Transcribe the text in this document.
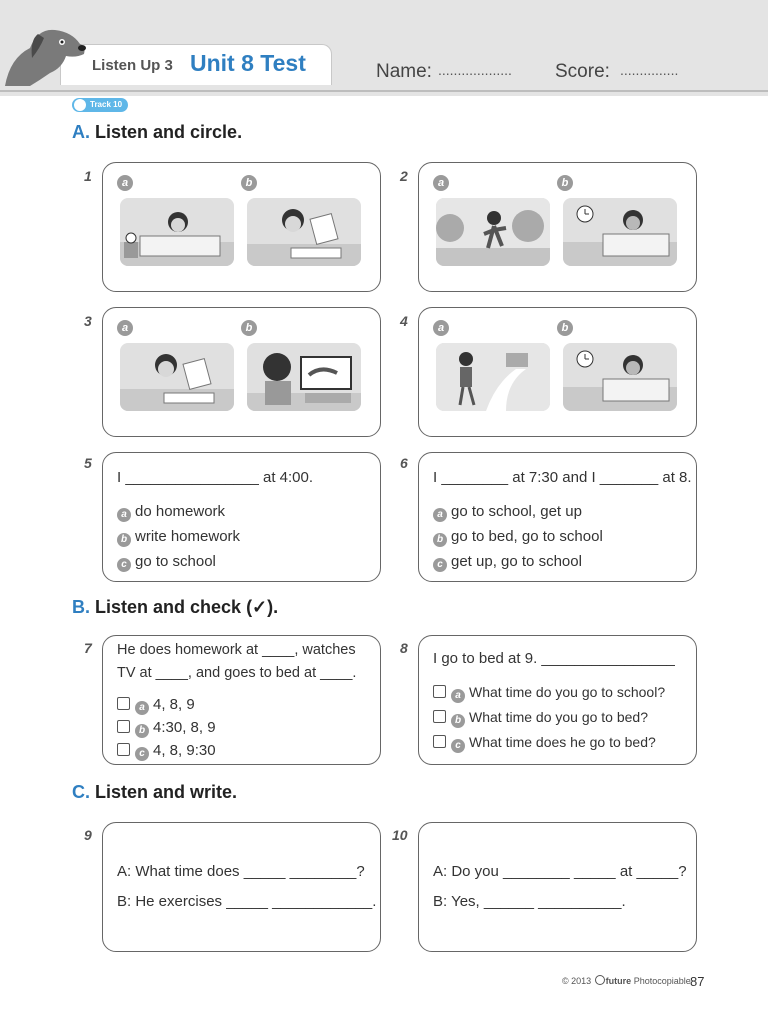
Listen Up 3 Unit 8 Test	Name: ................... Score: ...............
Track 10
A. Listen and circle.
1	a	b	2	a	b
3	a	b	4	a	b
5
I ________________ at 4:00.
a do homework
b write homework
c go to school
6
I ________ at 7:30 and I _______ at 8.
a go to school, get up
b go to bed, go to school
c get up, go to school
B. Listen and check (✓).
7 He does homework at ____, watches
TV at ____, and goes to bed at ____.
a 4, 8, 9
b 4:30, 8, 9
c 4, 8, 9:30
8
I go to bed at 9. ________________
a What time do you go to school?
b What time do you go to bed?
c What time does he go to bed?
C. Listen and write.
9
A: What time does _____ ________?
B: He exercises _____ ____________.
10
A: Do you ________ _____ at _____?
B: Yes, ______ __________.
© 2013 future Photocopiable 87
